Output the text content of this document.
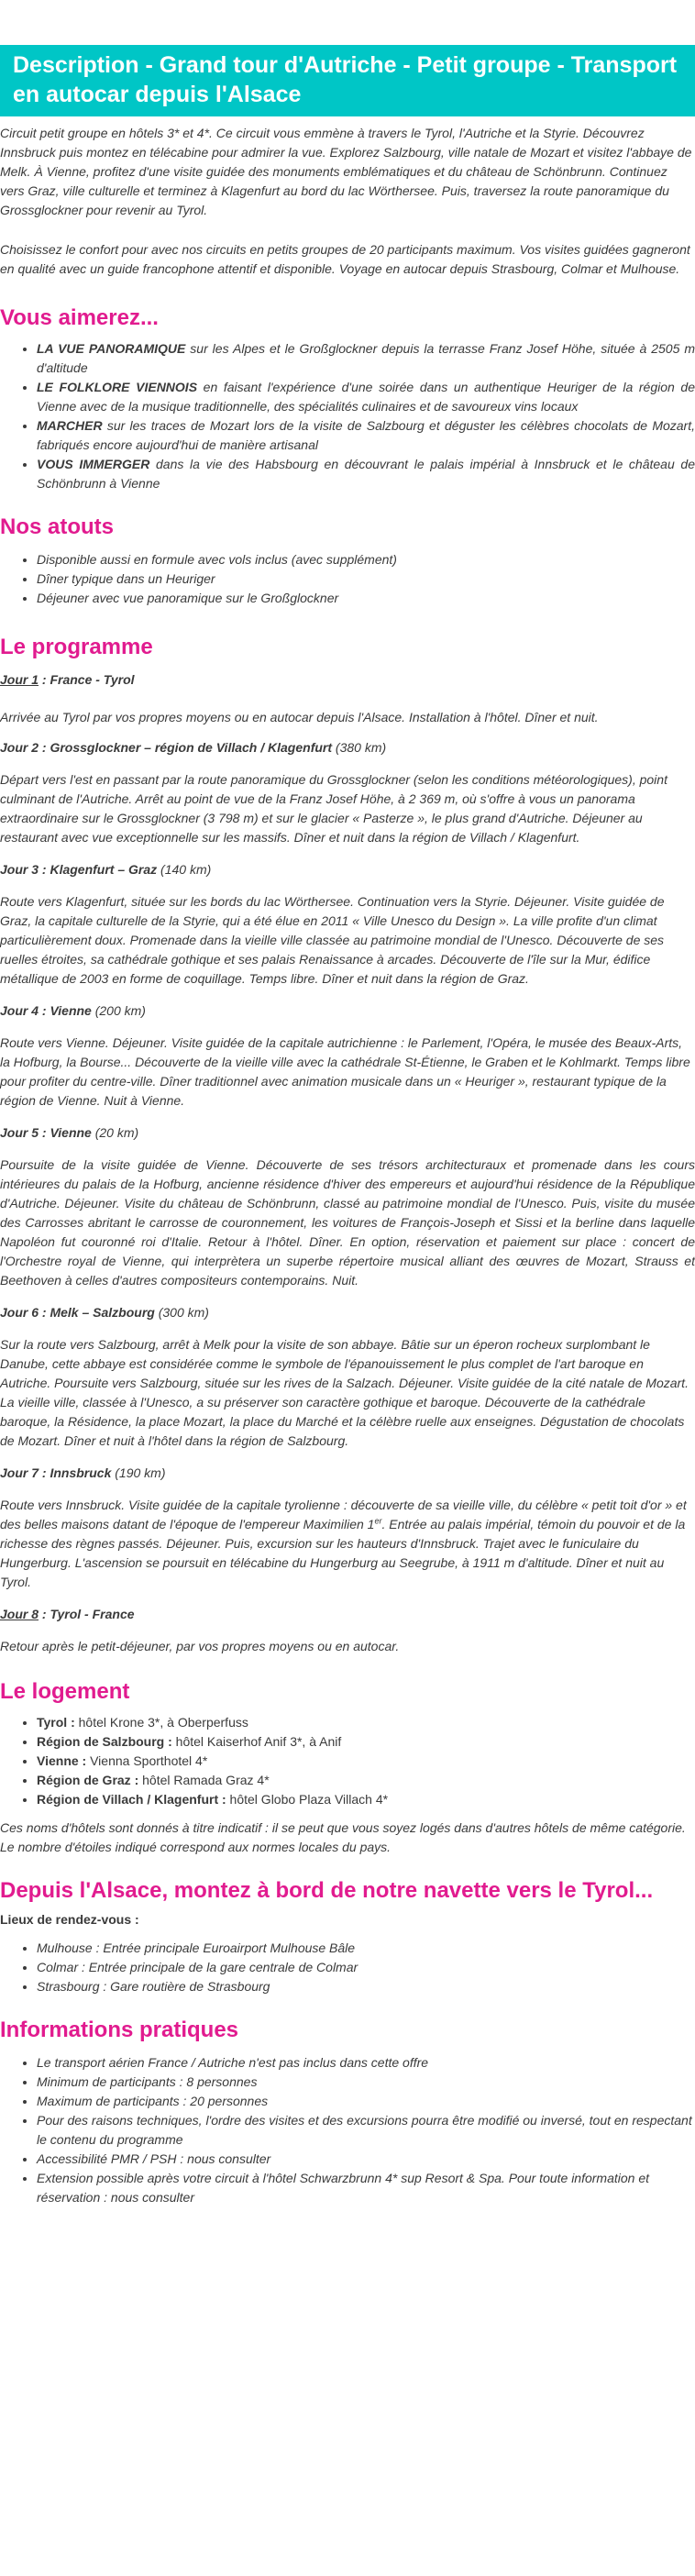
Description - Grand tour d'Autriche - Petit groupe - Transport en autocar depuis l'Alsace

Circuit petit groupe en hôtels 3* et 4*. Ce circuit vous emmène à travers le Tyrol, l'Autriche et la Styrie. Découvrez Innsbruck puis montez en télécabine pour admirer la vue. Explorez Salzbourg, ville natale de Mozart et visitez l'abbaye de Melk. À Vienne, profitez d'une visite guidée des monuments emblématiques et du château de Schönbrunn. Continuez vers Graz, ville culturelle et terminez à Klagenfurt au bord du lac Wörthersee. Puis, traversez la route panoramique du Grossglockner pour revenir au Tyrol.

Choisissez le confort pour avec nos circuits en petits groupes de 20 participants maximum. Vos visites guidées gagneront en qualité avec un guide francophone attentif et disponible. Voyage en autocar depuis Strasbourg, Colmar et Mulhouse.

Vous aimerez...
• LA VUE PANORAMIQUE sur les Alpes et le Großglockner depuis la terrasse Franz Josef Höhe, située à 2505 m d'altitude
• LE FOLKLORE VIENNOIS en faisant l'expérience d'une soirée dans un authentique Heuriger de la région de Vienne avec de la musique traditionnelle, des spécialités culinaires et de savoureux vins locaux
• MARCHER sur les traces de Mozart lors de la visite de Salzbourg et déguster les célèbres chocolats de Mozart, fabriqués encore aujourd'hui de manière artisanal
• VOUS IMMERGER dans la vie des Habsbourg en découvrant le palais impérial à Innsbruck et le château de Schönbrunn à Vienne
Nos atouts
• Disponible aussi en formule avec vols inclus (avec supplément)
• Dîner typique dans un Heuriger
• Déjeuner avec vue panoramique sur le Großglockner
Le programme

Jour 1 : France - Tyrol

Arrivée au Tyrol par vos propres moyens ou en autocar depuis l'Alsace. Installation à l'hôtel. Dîner et nuit.

Jour 2 : Grossglockner – région de Villach / Klagenfurt (380 km)

Départ vers l'est en passant par la route panoramique du Grossglockner (selon les conditions météorologiques), point culminant de l'Autriche. Arrêt au point de vue de la Franz Josef Höhe, à 2 369 m, où s'offre à vous un panorama extraordinaire sur le Grossglockner (3 798 m) et sur le glacier « Pasterze », le plus grand d'Autriche. Déjeuner au restaurant avec vue exceptionnelle sur les massifs. Dîner et nuit dans la région de Villach / Klagenfurt.

Jour 3 : Klagenfurt – Graz (140 km)

Route vers Klagenfurt, située sur les bords du lac Wörthersee. Continuation vers la Styrie. Déjeuner. Visite guidée de Graz, la capitale culturelle de la Styrie, qui a été élue en 2011 « Ville Unesco du Design ». La ville profite d'un climat particulièrement doux. Promenade dans la vieille ville classée au patrimoine mondial de l'Unesco. Découverte de ses ruelles étroites, sa cathédrale gothique et ses palais Renaissance à arcades. Découverte de l'île sur la Mur, édifice métallique de 2003 en forme de coquillage. Temps libre. Dîner et nuit dans la région de Graz.

Jour 4 : Vienne (200 km)

Route vers Vienne. Déjeuner. Visite guidée de la capitale autrichienne : le Parlement, l'Opéra, le musée des Beaux-Arts, la Hofburg, la Bourse... Découverte de la vieille ville avec la cathédrale St-Étienne, le Graben et le Kohlmarkt. Temps libre pour profiter du centre-ville. Dîner traditionnel avec animation musicale dans un « Heuriger », restaurant typique de la région de Vienne. Nuit à Vienne.

Jour 5 : Vienne (20 km)

Poursuite de la visite guidée de Vienne. Découverte de ses trésors architecturaux et promenade dans les cours intérieures du palais de la Hofburg, ancienne résidence d'hiver des empereurs et aujourd'hui résidence de la République d'Autriche. Déjeuner. Visite du château de Schönbrunn, classé au patrimoine mondial de l'Unesco. Puis, visite du musée des Carrosses abritant le carrosse de couronnement, les voitures de François-Joseph et Sissi et la berline dans laquelle Napoléon fut couronné roi d'Italie. Retour à l'hôtel. Dîner. En option, réservation et paiement sur place : concert de l'Orchestre royal de Vienne, qui interprètera un superbe répertoire musical alliant des œuvres de Mozart, Strauss et Beethoven à celles d'autres compositeurs contemporains. Nuit.

Jour 6 : Melk – Salzbourg (300 km)

Sur la route vers Salzbourg, arrêt à Melk pour la visite de son abbaye. Bâtie sur un éperon rocheux surplombant le Danube, cette abbaye est considérée comme le symbole de l'épanouissement le plus complet de l'art baroque en Autriche. Poursuite vers Salzbourg, située sur les rives de la Salzach. Déjeuner. Visite guidée de la cité natale de Mozart. La vieille ville, classée à l'Unesco, a su préserver son caractère gothique et baroque. Découverte de la cathédrale baroque, la Résidence, la place Mozart, la place du Marché et la célèbre ruelle aux enseignes. Dégustation de chocolats de Mozart. Dîner et nuit à l'hôtel dans la région de Salzbourg.

Jour 7 : Innsbruck (190 km)

Route vers Innsbruck. Visite guidée de la capitale tyrolienne : découverte de sa vieille ville, du célèbre « petit toit d'or » et des belles maisons datant de l'époque de l'empereur Maximilien 1er. Entrée au palais impérial, témoin du pouvoir et de la richesse des règnes passés. Déjeuner. Puis, excursion sur les hauteurs d'Innsbruck. Trajet avec le funiculaire du Hungerburg. L'ascension se poursuit en télécabine du Hungerburg au Seegrube, à 1911 m d'altitude. Dîner et nuit au Tyrol.

Jour 8 : Tyrol - France

Retour après le petit-déjeuner, par vos propres moyens ou en autocar.

Le logement
• Tyrol : hôtel Krone 3*, à Oberperfuss
• Région de Salzbourg : hôtel Kaiserhof Anif 3*, à Anif
• Vienne : Vienna Sporthotel 4*
• Région de Graz : hôtel Ramada Graz 4*
• Région de Villach / Klagenfurt : hôtel Globo Plaza Villach 4*

Ces noms d'hôtels sont donnés à titre indicatif : il se peut que vous soyez logés dans d'autres hôtels de même catégorie.

Le nombre d'étoiles indiqué correspond aux normes locales du pays.

Depuis l'Alsace, montez à bord de notre navette vers le Tyrol...

Lieux de rendez-vous :

• Mulhouse : Entrée principale Euroairport Mulhouse Bâle
• Colmar : Entrée principale de la gare centrale de Colmar
• Strasbourg : Gare routière de Strasbourg
Informations pratiques
• Le transport aérien France / Autriche n'est pas inclus dans cette offre
• Minimum de participants : 8 personnes
• Maximum de participants : 20 personnes
• Pour des raisons techniques, l'ordre des visites et des excursions pourra être modifié ou inversé, tout en respectant le contenu du programme
• Accessibilité PMR / PSH : nous consulter
• Extension possible après votre circuit à l'hôtel Schwarzbrunn 4* sup Resort & Spa. Pour toute information et réservation : nous consulter
